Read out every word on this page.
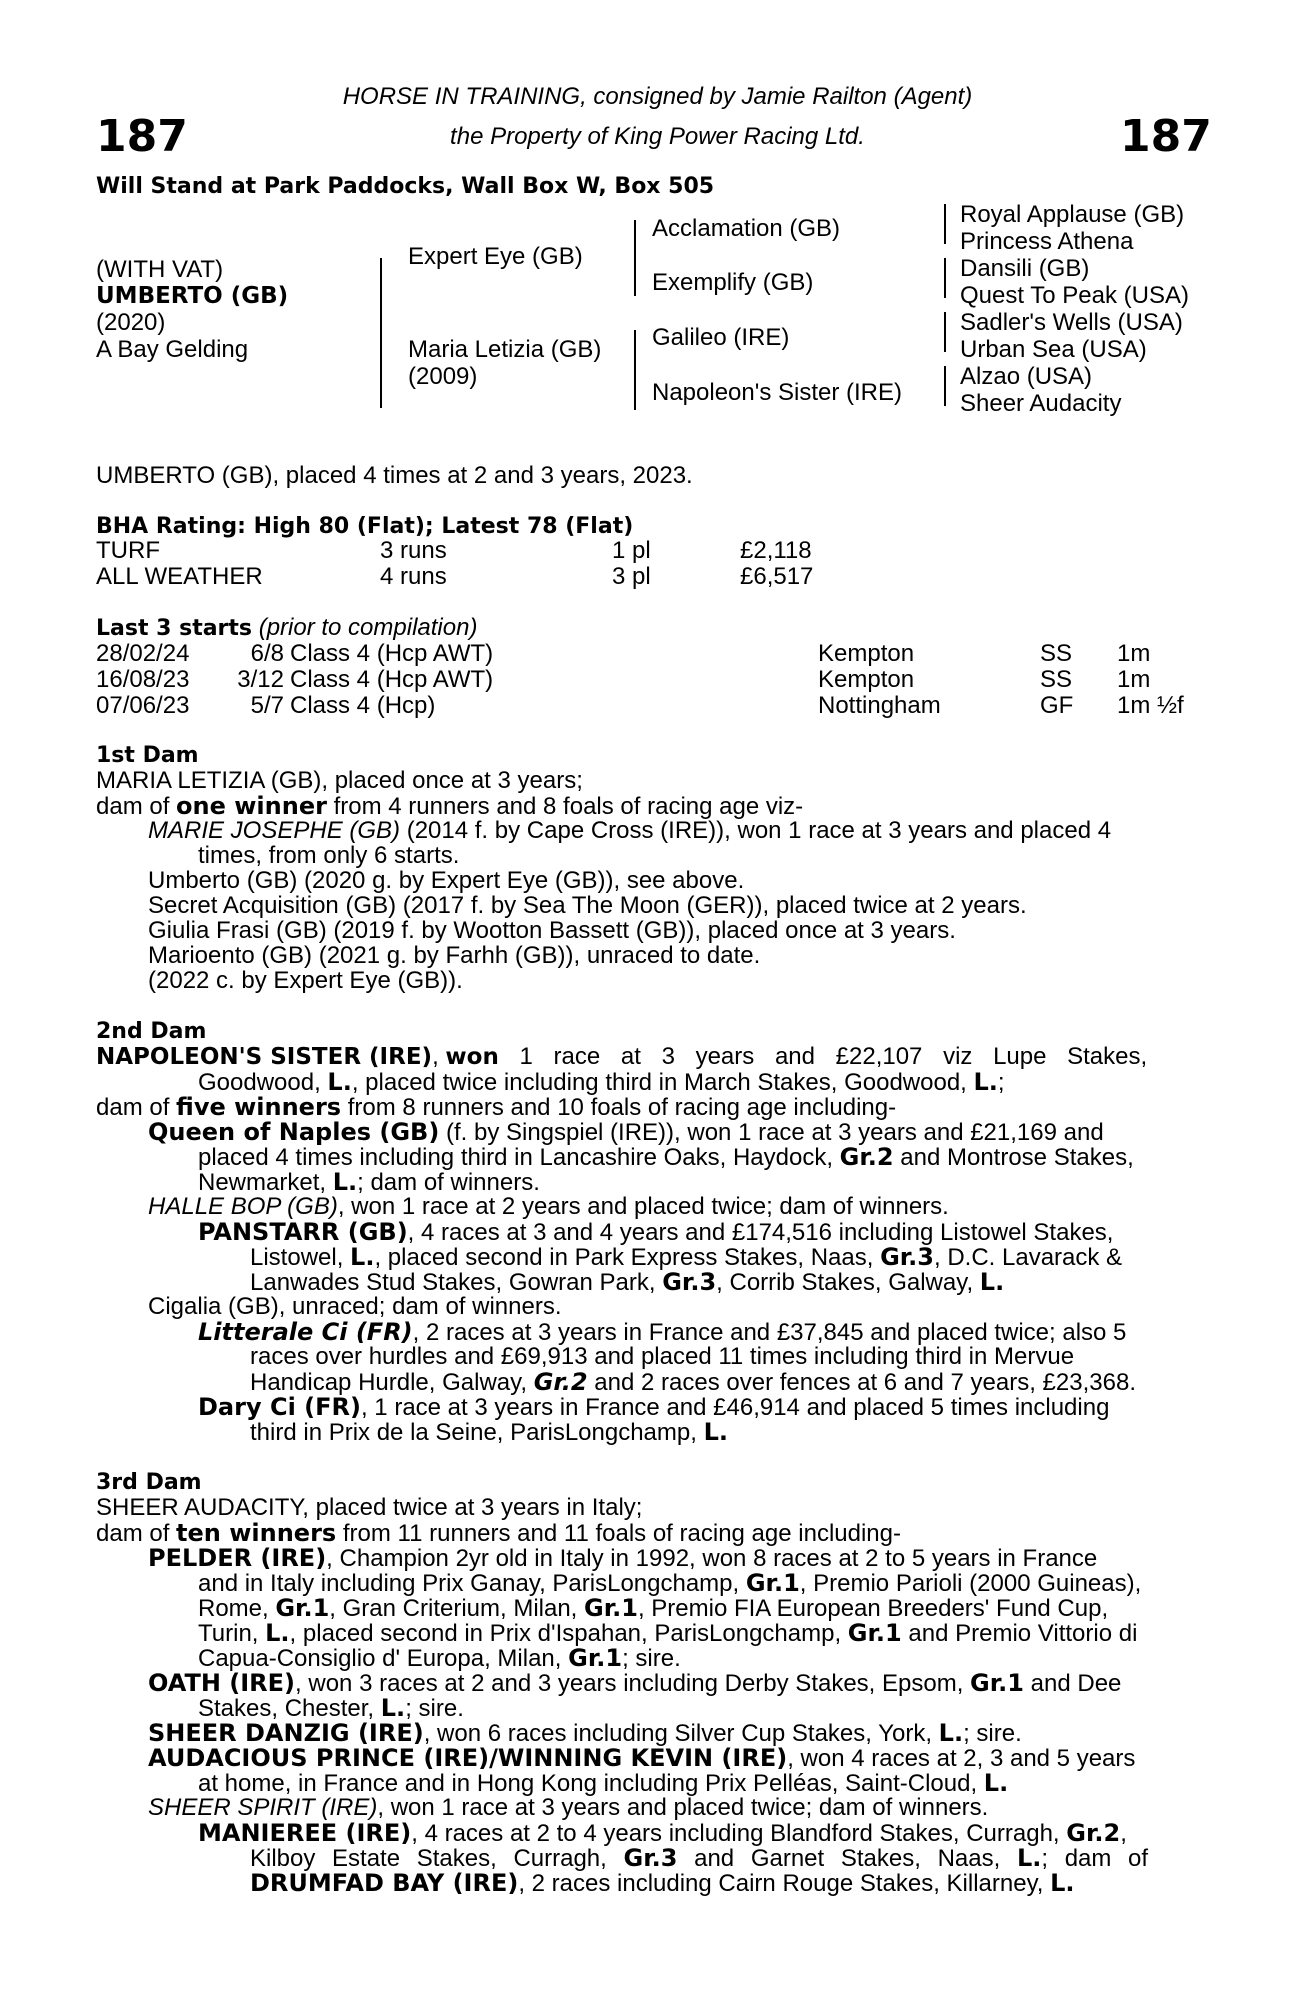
187	187
HORSE IN TRAINING, consigned by Jamie Railton (Agent)
the Property of King Power Racing Ltd.
Will Stand at Park Paddocks, Wall Box W, Box 505
(WITH VAT)
UMBERTO (GB)
(2020)
A Bay Gelding
Expert Eye (GB)
Maria Letizia (GB)
(2009)
Acclamation (GB)
Exemplify (GB)
Galileo (IRE)
Napoleon's Sister (IRE)
Royal Applause (GB)
Princess Athena
Dansili (GB)
Quest To Peak (USA)
Sadler's Wells (USA)
Urban Sea (USA)
Alzao (USA)
Sheer Audacity
UMBERTO (GB), placed 4 times at 2 and 3 years, 2023.
BHA Rating: High 80 (Flat); Latest 78 (Flat)
TURF	3 runs	1 pl	£2,118
ALL WEATHER	4 runs	3 pl	£6,517
Last 3 starts (prior to compilation)
28/02/24	6/8 Class 4 (Hcp AWT)	Kempton	SS 1m
16/08/23	3/12 Class 4 (Hcp AWT)	Kempton	SS 1m
07/06/23	5/7 Class 4 (Hcp)	Nottingham	GF 1m ½f
1st Dam
MARIA LETIZIA (GB), placed once at 3 years;
dam of one winner from 4 runners and 8 foals of racing age viz-
MARIE JOSEPHE (GB) (2014 f. by Cape Cross (IRE)), won 1 race at 3 years and placed 4
times, from only 6 starts.
Umberto (GB) (2020 g. by Expert Eye (GB)), see above.
Secret Acquisition (GB) (2017 f. by Sea The Moon (GER)), placed twice at 2 years.
Giulia Frasi (GB) (2019 f. by Wootton Bassett (GB)), placed once at 3 years.
Marioento (GB) (2021 g. by Farhh (GB)), unraced to date.
(2022 c. by Expert Eye (GB)).
2nd Dam
NAPOLEON'S SISTER (IRE), won 1 race at 3 years and £22,107 viz Lupe Stakes,
Goodwood, L., placed twice including third in March Stakes, Goodwood, L.;
dam of five winners from 8 runners and 10 foals of racing age including-
Queen of Naples (GB) (f. by Singspiel (IRE)), won 1 race at 3 years and £21,169 and
placed 4 times including third in Lancashire Oaks, Haydock, Gr.2 and Montrose Stakes,
Newmarket, L.; dam of winners.
HALLE BOP (GB), won 1 race at 2 years and placed twice; dam of winners.
PANSTARR (GB), 4 races at 3 and 4 years and £174,516 including Listowel Stakes,
Listowel, L., placed second in Park Express Stakes, Naas, Gr.3, D.C. Lavarack &
Lanwades Stud Stakes, Gowran Park, Gr.3, Corrib Stakes, Galway, L.
Cigalia (GB), unraced; dam of winners.
Litterale Ci (FR), 2 races at 3 years in France and £37,845 and placed twice; also 5
races over hurdles and £69,913 and placed 11 times including third in Mervue
Handicap Hurdle, Galway, Gr.2 and 2 races over fences at 6 and 7 years, £23,368.
Dary Ci (FR), 1 race at 3 years in France and £46,914 and placed 5 times including
third in Prix de la Seine, ParisLongchamp, L.
3rd Dam
SHEER AUDACITY, placed twice at 3 years in Italy;
dam of ten winners from 11 runners and 11 foals of racing age including-
PELDER (IRE), Champion 2yr old in Italy in 1992, won 8 races at 2 to 5 years in France
and in Italy including Prix Ganay, ParisLongchamp, Gr.1, Premio Parioli (2000 Guineas),
Rome, Gr.1, Gran Criterium, Milan, Gr.1, Premio FIA European Breeders' Fund Cup,
Turin, L., placed second in Prix d'Ispahan, ParisLongchamp, Gr.1 and Premio Vittorio di
Capua-Consiglio d' Europa, Milan, Gr.1; sire.
OATH (IRE), won 3 races at 2 and 3 years including Derby Stakes, Epsom, Gr.1 and Dee
Stakes, Chester, L.; sire.
SHEER DANZIG (IRE), won 6 races including Silver Cup Stakes, York, L.; sire.
AUDACIOUS PRINCE (IRE)/WINNING KEVIN (IRE), won 4 races at 2, 3 and 5 years
at home, in France and in Hong Kong including Prix Pelléas, Saint-Cloud, L.
SHEER SPIRIT (IRE), won 1 race at 3 years and placed twice; dam of winners.
MANIEREE (IRE), 4 races at 2 to 4 years including Blandford Stakes, Curragh, Gr.2,
Kilboy Estate Stakes, Curragh, Gr.3 and Garnet Stakes, Naas, L.; dam of
DRUMFAD BAY (IRE), 2 races including Cairn Rouge Stakes, Killarney, L.
